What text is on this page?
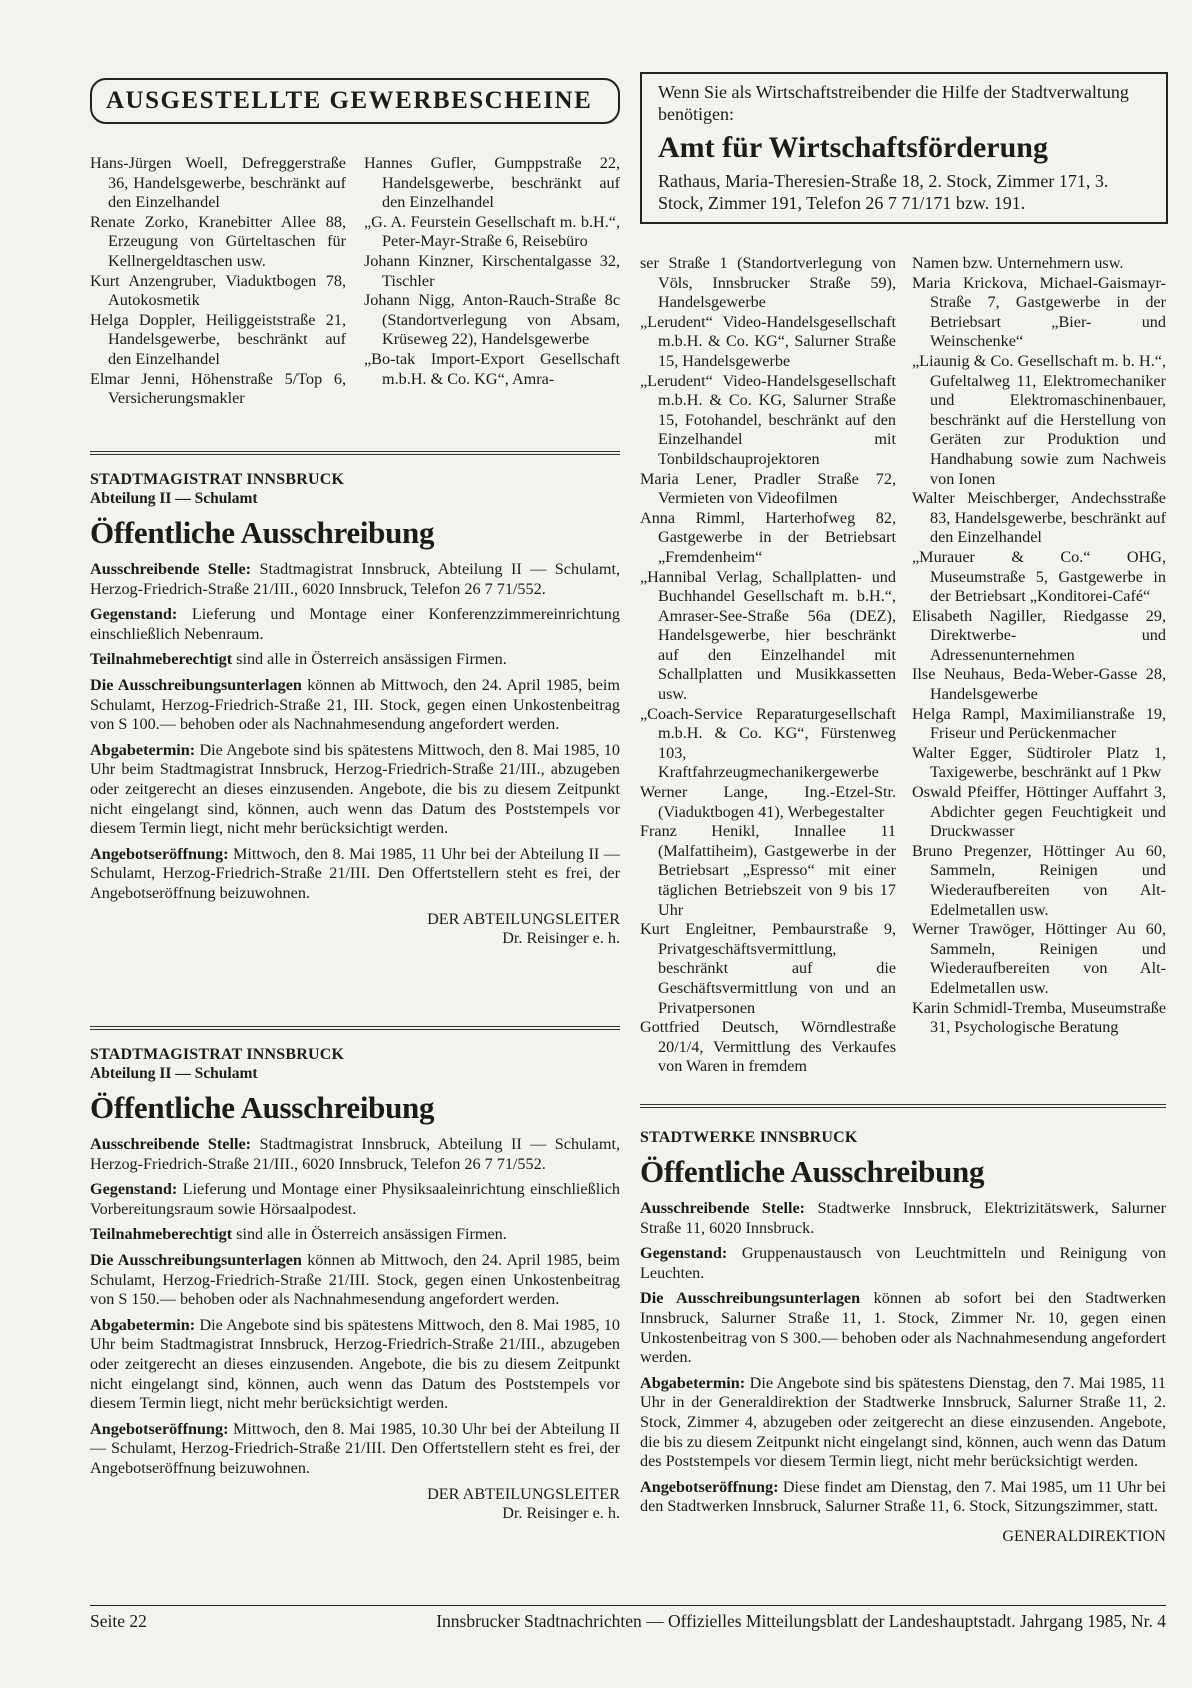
AUSGESTELLTE GEWERBESCHEINE
Hans-Jürgen Woell, Defreggerstraße 36, Handelsgewerbe, beschränkt auf den Einzelhandel
Renate Zorko, Kranebitter Allee 88, Erzeugung von Gürteltaschen für Kellnergeldtaschen usw.
Kurt Anzengruber, Viaduktbogen 78, Autokosmetik
Helga Doppler, Heiliggeiststraße 21, Handelsgewerbe, beschränkt auf den Einzelhandel
Elmar Jenni, Höhenstraße 5/Top 6, Versicherungsmakler
Hannes Gufler, Gumppstraße 22, Handelsgewerbe, beschränkt auf den Einzelhandel
„G. A. Feurstein Gesellschaft m. b.H.“, Peter-Mayr-Straße 6, Reisebüro
Johann Kinzner, Kirschentalgasse 32, Tischler
Johann Nigg, Anton-Rauch-Straße 8c (Standortverlegung von Absam, Krüseweg 22), Handelsgewerbe
„Bo-tak Import-Export Gesellschaft m.b.H. & Co. KG“, Amra-
Wenn Sie als Wirtschaftstreibender die Hilfe der Stadtverwaltung benötigen:
Amt für Wirtschaftsförderung
Rathaus, Maria-Theresien-Straße 18, 2. Stock, Zimmer 171, 3. Stock, Zimmer 191, Telefon 26 7 71/171 bzw. 191.
ser Straße 1 (Standortverlegung von Völs, Innsbrucker Straße 59), Handelsgewerbe
„Lerudent“ Video-Handelsgesellschaft m.b.H. & Co. KG“, Salurner Straße 15, Handelsgewerbe
„Lerudent“ Video-Handelsgesellschaft m.b.H. & Co. KG, Salurner Straße 15, Fotohandel, beschränkt auf den Einzelhandel mit Tonbildschauprojektoren
Maria Lener, Pradler Straße 72, Vermieten von Videofilmen
Anna Rimml, Harterhofweg 82, Gastgewerbe in der Betriebsart „Fremdenheim“
„Hannibal Verlag, Schallplatten- und Buchhandel Gesellschaft m. b.H.“, Amraser-See-Straße 56a (DEZ), Handelsgewerbe, hier beschränkt auf den Einzelhandel mit Schallplatten und Musikkassetten usw.
„Coach-Service Reparaturgesellschaft m.b.H. & Co. KG“, Fürstenweg 103, Kraftfahrzeugmechanikergewerbe
Werner Lange, Ing.-Etzel-Str. (Viaduktbogen 41), Werbegestalter
Franz Henikl, Innallee 11 (Malfattiheim), Gastgewerbe in der Betriebsart „Espresso“ mit einer täglichen Betriebszeit von 9 bis 17 Uhr
Kurt Engleitner, Pembaurstraße 9, Privatgeschäftsvermittlung, beschränkt auf die Geschäftsvermittlung von und an Privatpersonen
Gottfried Deutsch, Wörndlestraße 20/1/4, Vermittlung des Verkaufes von Waren in fremdem
Namen bzw. Unternehmern usw.
Maria Krickova, Michael-Gaismayr-Straße 7, Gastgewerbe in der Betriebsart „Bier- und Weinschenke“
„Liaunig & Co. Gesellschaft m. b. H.“, Gufeltalweg 11, Elektromechaniker und Elektromaschinenbauer, beschränkt auf die Herstellung von Geräten zur Produktion und Handhabung sowie zum Nachweis von Ionen
Walter Meischberger, Andechsstraße 83, Handelsgewerbe, beschränkt auf den Einzelhandel
„Murauer & Co.“ OHG, Museumstraße 5, Gastgewerbe in der Betriebsart „Konditorei-Café“
Elisabeth Nagiller, Riedgasse 29, Direktwerbe- und Adressenunternehmen
Ilse Neuhaus, Beda-Weber-Gasse 28, Handelsgewerbe
Helga Rampl, Maximilianstraße 19, Friseur und Perückenmacher
Walter Egger, Südtiroler Platz 1, Taxigewerbe, beschränkt auf 1 Pkw
Oswald Pfeiffer, Höttinger Auffahrt 3, Abdichter gegen Feuchtigkeit und Druckwasser
Bruno Pregenzer, Höttinger Au 60, Sammeln, Reinigen und Wiederaufbereiten von Alt-Edelmetallen usw.
Werner Trawöger, Höttinger Au 60, Sammeln, Reinigen und Wiederaufbereiten von Alt-Edelmetallen usw.
Karin Schmidl-Tremba, Museumstraße 31, Psychologische Beratung
STADTMAGISTRAT INNSBRUCK
Abteilung II — Schulamt
Öffentliche Ausschreibung

Ausschreibende Stelle: Stadtmagistrat Innsbruck, Abteilung II — Schulamt, Herzog-Friedrich-Straße 21/III., 6020 Innsbruck, Telefon 26 7 71/552.

Gegenstand: Lieferung und Montage einer Konferenzzimmereinrichtung einschließlich Nebenraum.

Teilnahmeberechtigt sind alle in Österreich ansässigen Firmen.

Die Ausschreibungsunterlagen können ab Mittwoch, den 24. April 1985, beim Schulamt, Herzog-Friedrich-Straße 21, III. Stock, gegen einen Unkostenbeitrag von S 100.— behoben oder als Nachnahmesendung angefordert werden.

Abgabetermin: Die Angebote sind bis spätestens Mittwoch, den 8. Mai 1985, 10 Uhr beim Stadtmagistrat Innsbruck, Herzog-Friedrich-Straße 21/III., abzugeben oder zeitgerecht an dieses einzusenden. Angebote, die bis zu diesem Zeitpunkt nicht eingelangt sind, können, auch wenn das Datum des Poststempels vor diesem Termin liegt, nicht mehr berücksichtigt werden.

Angebotseröffnung: Mittwoch, den 8. Mai 1985, 11 Uhr bei der Abteilung II — Schulamt, Herzog-Friedrich-Straße 21/III. Den Offertstellern steht es frei, der Angebotseröffnung beizuwohnen.

DER ABTEILUNGSLEITER
Dr. Reisinger e. h.
STADTMAGISTRAT INNSBRUCK
Abteilung II — Schulamt
Öffentliche Ausschreibung

Ausschreibende Stelle: Stadtmagistrat Innsbruck, Abteilung II — Schulamt, Herzog-Friedrich-Straße 21/III., 6020 Innsbruck, Telefon 26 7 71/552.

Gegenstand: Lieferung und Montage einer Physiksaaleinrichtung einschließlich Vorbereitungsraum sowie Hörsaalpodest.

Teilnahmeberechtigt sind alle in Österreich ansässigen Firmen.

Die Ausschreibungsunterlagen können ab Mittwoch, den 24. April 1985, beim Schulamt, Herzog-Friedrich-Straße 21/III. Stock, gegen einen Unkostenbeitrag von S 150.— behoben oder als Nachnahmesendung angefordert werden.

Abgabetermin: Die Angebote sind bis spätestens Mittwoch, den 8. Mai 1985, 10 Uhr beim Stadtmagistrat Innsbruck, Herzog-Friedrich-Straße 21/III., abzugeben oder zeitgerecht an dieses einzusenden. Angebote, die bis zu diesem Zeitpunkt nicht eingelangt sind, können, auch wenn das Datum des Poststempels vor diesem Termin liegt, nicht mehr berücksichtigt werden.

Angebotseröffnung: Mittwoch, den 8. Mai 1985, 10.30 Uhr bei der Abteilung II — Schulamt, Herzog-Friedrich-Straße 21/III. Den Offertstellern steht es frei, der Angebotseröffnung beizuwohnen.

DER ABTEILUNGSLEITER
Dr. Reisinger e. h.
STADTWERKE INNSBRUCK
Öffentliche Ausschreibung

Ausschreibende Stelle: Stadtwerke Innsbruck, Elektrizitätswerk, Salurner Straße 11, 6020 Innsbruck.

Gegenstand: Gruppenaustausch von Leuchtmitteln und Reinigung von Leuchten.

Die Ausschreibungsunterlagen können ab sofort bei den Stadtwerken Innsbruck, Salurner Straße 11, 1. Stock, Zimmer Nr. 10, gegen einen Unkostenbeitrag von S 300.— behoben oder als Nachnahmesendung angefordert werden.

Abgabetermin: Die Angebote sind bis spätestens Dienstag, den 7. Mai 1985, 11 Uhr in der Generaldirektion der Stadtwerke Innsbruck, Salurner Straße 11, 2. Stock, Zimmer 4, abzugeben oder zeitgerecht an diese einzusenden. Angebote, die bis zu diesem Zeitpunkt nicht eingelangt sind, können, auch wenn das Datum des Poststempels vor diesem Termin liegt, nicht mehr berücksichtigt werden.

Angebotseröffnung: Diese findet am Dienstag, den 7. Mai 1985, um 11 Uhr bei den Stadtwerken Innsbruck, Salurner Straße 11, 6. Stock, Sitzungszimmer, statt.

GENERALDIREKTION
Seite 22	Innsbrucker Stadtnachrichten — Offizielles Mitteilungsblatt der Landeshauptstadt. Jahrgang 1985, Nr. 4
